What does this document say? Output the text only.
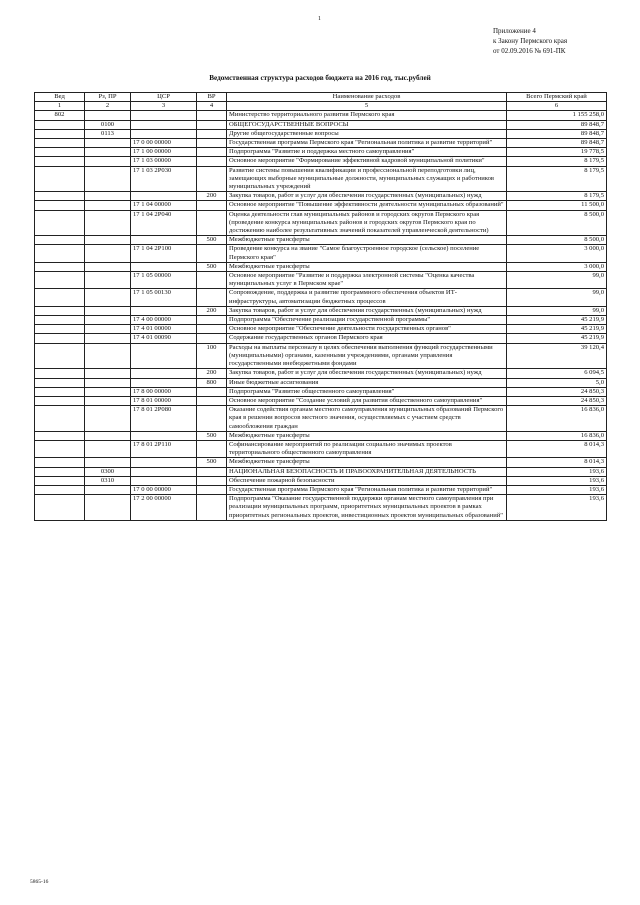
1
Приложение 4
к Закону Пермского края
от 02.09.2016 № 691-ПК
Ведомственная структура расходов бюджета на 2016 год, тыс.рублей
Вед	Рз, ПР	ЦСР	ВР	Наименование расходов	Всего Пермский край
1	2	3	4	5	6
802				Министерство территориального развития Пермского края	1 155 258,0
	0100			ОБЩЕГОСУДАРСТВЕННЫЕ ВОПРОСЫ	89 848,7
	0113			Другие общегосударственные вопросы	89 848,7
		17 0 00 00000		Государственная программа Пермского края "Региональная политика и развитие территорий"	89 848,7
		17 1 00 00000		Подпрограмма "Развитие и поддержка местного самоуправления"	19 778,5
		17 1 03 00000		Основное мероприятие "Формирование эффективной кадровой муниципальной политики"	8 179,5
		17 1 03 2Р030		Развитие системы повышения квалификации и профессиональной переподготовки лиц, замещающих выборные муниципальные должности, муниципальных служащих и работников муниципальных учреждений	8 179,5
			200	Закупка товаров, работ и услуг для обеспечения государственных (муниципальных) нужд	8 179,5
		17 1 04 00000		Основное мероприятие "Повышение эффективности деятельности муниципальных образований"	11 500,0
		17 1 04 2Р040		Оценка деятельности глав муниципальных районов и городских округов Пермского края (проведение конкурса муниципальных районов и городских округов Пермского края по достижению наиболее результативных значений показателей управленческой деятельности)	8 500,0
			500	Межбюджетные трансферты	8 500,0
		17 1 04 2Р100		Проведение конкурса на звание "Самое благоустроенное городское (сельское) поселение Пермского края"	3 000,0
			500	Межбюджетные трансферты	3 000,0
		17 1 05 00000		Основное мероприятие "Развитие и поддержка электронной системы "Оценка качества муниципальных услуг в Пермском крае"	99,0
		17 1 05 00130		Сопровождение, поддержка и развитие программного обеспечения объектов ИТ-инфраструктуры, автоматизации бюджетных процессов	99,0
			200	Закупка товаров, работ и услуг для обеспечения государственных (муниципальных) нужд	99,0
		17 4 00 00000		Подпрограмма "Обеспечение реализации государственной программы"	45 219,9
		17 4 01 00000		Основное мероприятие "Обеспечение деятельности государственных органов"	45 219,9
		17 4 01 00090		Содержание государственных органов Пермского края	45 219,9
			100	Расходы на выплаты персоналу в целях обеспечения выполнения функций государственными (муниципальными) органами, казенными учреждениями, органами управления государственными внебюджетными фондами	39 120,4
			200	Закупка товаров, работ и услуг для обеспечения государственных (муниципальных) нужд	6 094,5
			800	Иные бюджетные ассигнования	5,0
		17 8 00 00000		Подпрограмма "Развитие общественного самоуправления"	24 850,3
		17 8 01 00000		Основное мероприятие "Создание условий для развития общественного самоуправления"	24 850,3
		17 8 01 2Р080		Оказание содействия органам местного самоуправления муниципальных образований Пермского края в решении вопросов местного значения, осуществляемых с участием средств самообложения граждан	16 836,0
			500	Межбюджетные трансферты	16 836,0
		17 8 01 2Р110		Софинансирование мероприятий по реализации социально значимых проектов территориального общественного самоуправления	8 014,3
			500	Межбюджетные трансферты	8 014,3
	0300			НАЦИОНАЛЬНАЯ БЕЗОПАСНОСТЬ И ПРАВООХРАНИТЕЛЬНАЯ ДЕЯТЕЛЬНОСТЬ	193,6
	0310			Обеспечение пожарной безопасности	193,6
		17 0 00 00000		Государственная программа Пермского края "Региональная политика и развитие территорий"	193,6
		17 2 00 00000		Подпрограмма "Оказание государственной поддержки органам местного самоуправления при реализации муниципальных программ, приоритетных муниципальных проектов в рамках приоритетных региональных проектов, инвестиционных проектов муниципальных образований"	193,6
5865-16
